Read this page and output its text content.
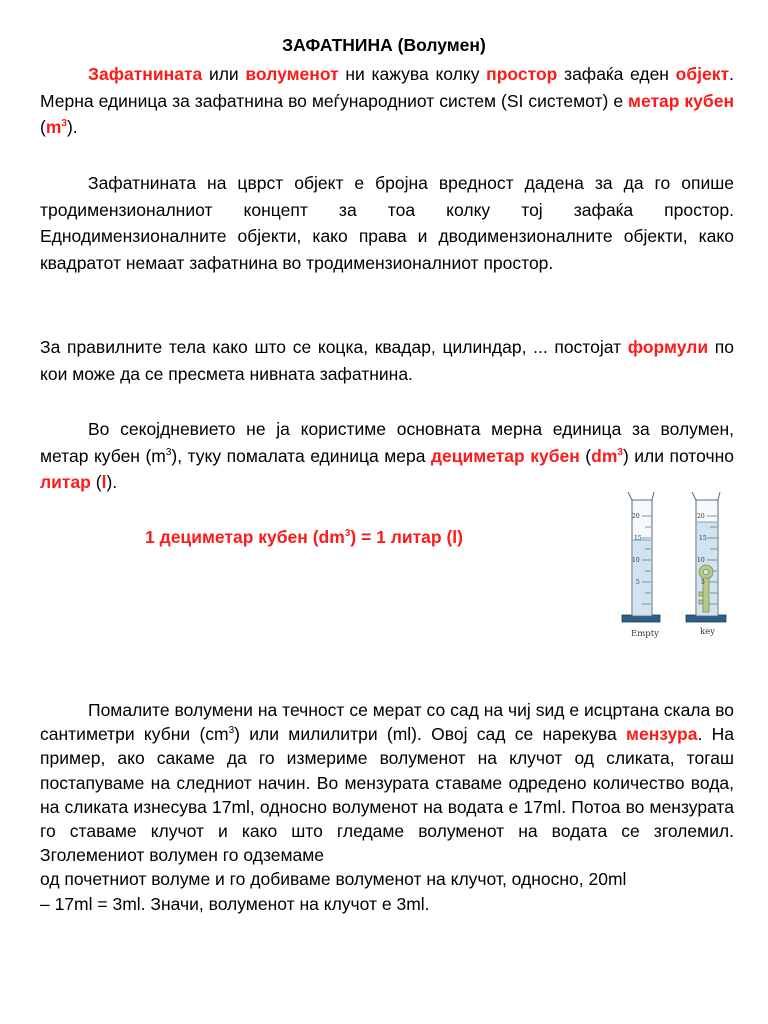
ЗАФАТНИНА (Волумен)

Зафатнината или волуменот ни кажува колку простор зафаќа еден објект. Мерна единица за зафатнина во меѓународниот систем (SI системот) е метар кубен $(m^3)$.

Зафатнината на цврст објект е бројна вредност дадена за да го опише тродимензионалниот концепт за тоа колку тој зафаќа простор. Еднодимензионалните објекти, како права и дводимензионалните објекти, како квадратот немаат зафатнина во тродимензионалниот простор.

За правилните тела како што се коцка, квадар, цилиндар, ... постојат формули по кои може да се пресмета нивната зафатнина.

Во секојдневието не ја користиме основната мерна единица за волумен, метар кубен $(m^3)$, туку помалата единица мера дециметар кубен $(dm^3)$ или поточно литар (l).

1 дециметар кубен $(dm^3) = 1$ литар (l)
20
15
10
5
20
15
10
5
Empty	key

Помалите волумени на течност се мерат со сад на чиј ѕид е исцртана скала во сантиметри кубни $(cm^3)$ или милилитри (ml). Овој сад се нарекува мензура. На пример, ако сакаме да го измериме волуменот на клучот од сликата, тогаш постапуваме на следниот начин. Во мензурата ставаме одредено количество вода, на сликата изнесува 17ml, односно волуменот на водата е 17ml. Потоа во мензурата го ставаме клучот и како што гледаме волуменот на водата се зголемил. Зголемениот волумен го одземаме
од почетниот волуме и го добиваме волуменот на клучот, односно, 20ml
– 17ml = 3ml. Значи, волуменот на клучот е 3ml.
